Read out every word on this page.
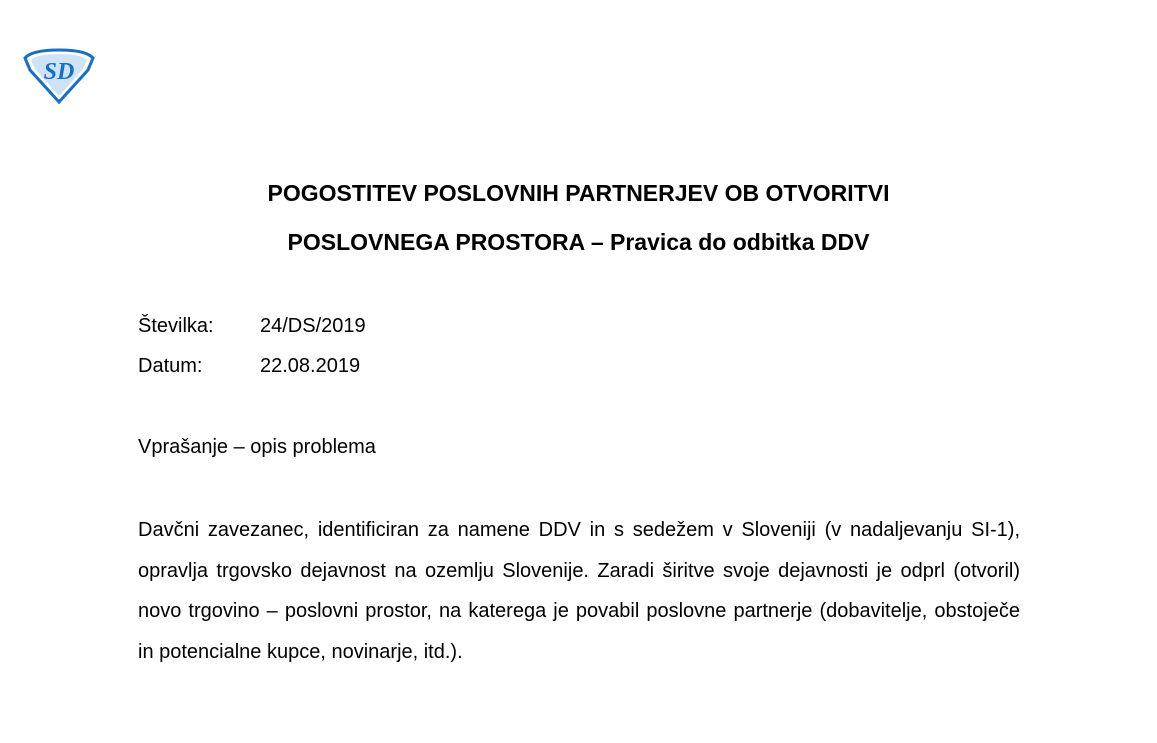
SD
POGOSTITEV POSLOVNIH PARTNERJEV OB OTVORITVI
POSLOVNEGA PROSTORA – Pravica do odbitka DDV
Številka: 24/DS/2019
Datum:	22.08.2019
Vprašanje – opis problema

Davčni zavezanec, identificiran za namene DDV in s sedežem v Sloveniji (v nadaljevanju SI-1), opravlja trgovsko dejavnost na ozemlju Slovenije. Zaradi širitve svoje dejavnosti je odprl (otvoril) novo trgovino – poslovni prostor, na katerega je povabil poslovne partnerje (dobavitelje, obstoječe in potencialne kupce, novinarje, itd.).
